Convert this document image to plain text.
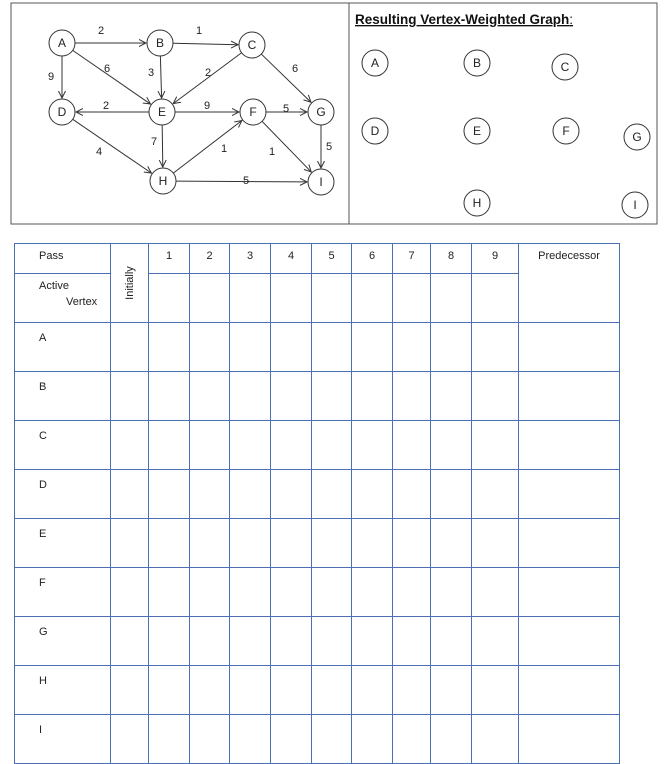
2	1
9
6	3	2	6
2	9	5
4
7
1	1	5
5
A	B	C
D	E	F	G
H	I
Resulting Vertex-Weighted Graph:
A	B	C
D	E	F	G
H	I
Pass	Initially	1	2	3	4	5	6	7	8	9	Predecessor
Active
Vertex											
A											
B											
C											
D											
E											
F											
G											
H											
I											
